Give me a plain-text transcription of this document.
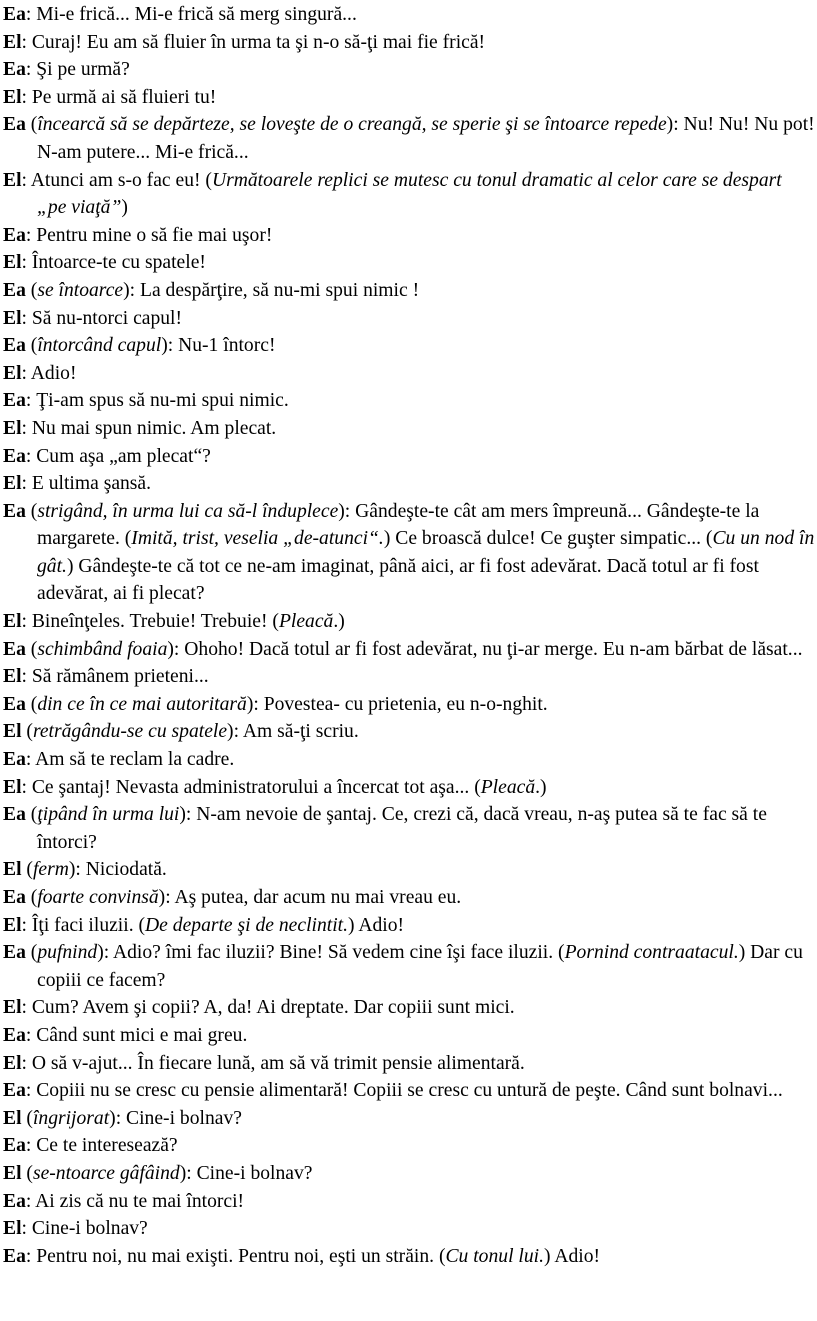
Ea: Mi-e frică... Mi-e frică să merg singură...
El: Curaj! Eu am să fluier în urma ta şi n-o să-ţi mai fie frică!
Ea: Şi pe urmă?
El: Pe urmă ai să fluieri tu!
Ea (încearcă să se depărteze, se loveşte de o creangă, se sperie şi se întoarce repede): Nu! Nu! Nu pot! N-am putere... Mi-e frică...
El: Atunci am s-o fac eu! (Următoarele replici se mutesc cu tonul dramatic al celor care se despart „pe viaţă”)
Ea: Pentru mine o să fie mai uşor!
El: Întoarce-te cu spatele!
Ea (se întoarce): La despărţire, să nu-mi spui nimic !
El: Să nu-ntorci capul!
Ea (întorcând capul): Nu-1 întorc!
El: Adio!
Ea: Ţi-am spus să nu-mi spui nimic.
El: Nu mai spun nimic. Am plecat.
Ea: Cum aşa „am plecat“?
El: E ultima şansă.
Ea (strigând, în urma lui ca să-l înduplece): Gândeşte-te cât am mers împreună... Gândeşte-te la margarete. (Imită, trist, veselia „de-atunci“.) Ce broască dulce! Ce guşter simpatic... (Cu un nod în gât.) Gândeşte-te că tot ce ne-am imaginat, până aici, ar fi fost adevărat. Dacă totul ar fi fost adevărat, ai fi plecat?
El: Bineînţeles. Trebuie! Trebuie! (Pleacă.)
Ea (schimbând foaia): Ohoho! Dacă totul ar fi fost adevărat, nu ţi-ar merge. Eu n-am bărbat de lăsat...
El: Să rămânem prieteni...
Ea (din ce în ce mai autoritară): Povestea- cu prietenia, eu n-o-nghit.
El (retrăgându-se cu spatele): Am să-ţi scriu.
Ea: Am să te reclam la cadre.
El: Ce şantaj! Nevasta administratorului a încercat tot aşa... (Pleacă.)
Ea (ţipând în urma lui): N-am nevoie de şantaj. Ce, crezi că, dacă vreau, n-aş putea să te fac să te întorci?
El (ferm): Niciodată.
Ea (foarte convinsă): Aş putea, dar acum nu mai vreau eu.
El: Îţi faci iluzii. (De departe şi de neclintit.) Adio!
Ea (pufnind): Adio? îmi fac iluzii? Bine! Să vedem cine îşi face iluzii. (Pornind contraatacul.) Dar cu copiii ce facem?
El: Cum? Avem şi copii? A, da! Ai dreptate. Dar copiii sunt mici.
Ea: Când sunt mici e mai greu.
El: O să v-ajut... În fiecare lună, am să vă trimit pensie alimentară.
Ea: Copiii nu se cresc cu pensie alimentară! Copiii se cresc cu untură de peşte. Când sunt bolnavi...
El (îngrijorat): Cine-i bolnav?
Ea: Ce te interesează?
El (se-ntoarce gâfâind): Cine-i bolnav?
Ea: Ai zis că nu te mai întorci!
El: Cine-i bolnav?
Ea: Pentru noi, nu mai exişti. Pentru noi, eşti un străin. (Cu tonul lui.) Adio!
